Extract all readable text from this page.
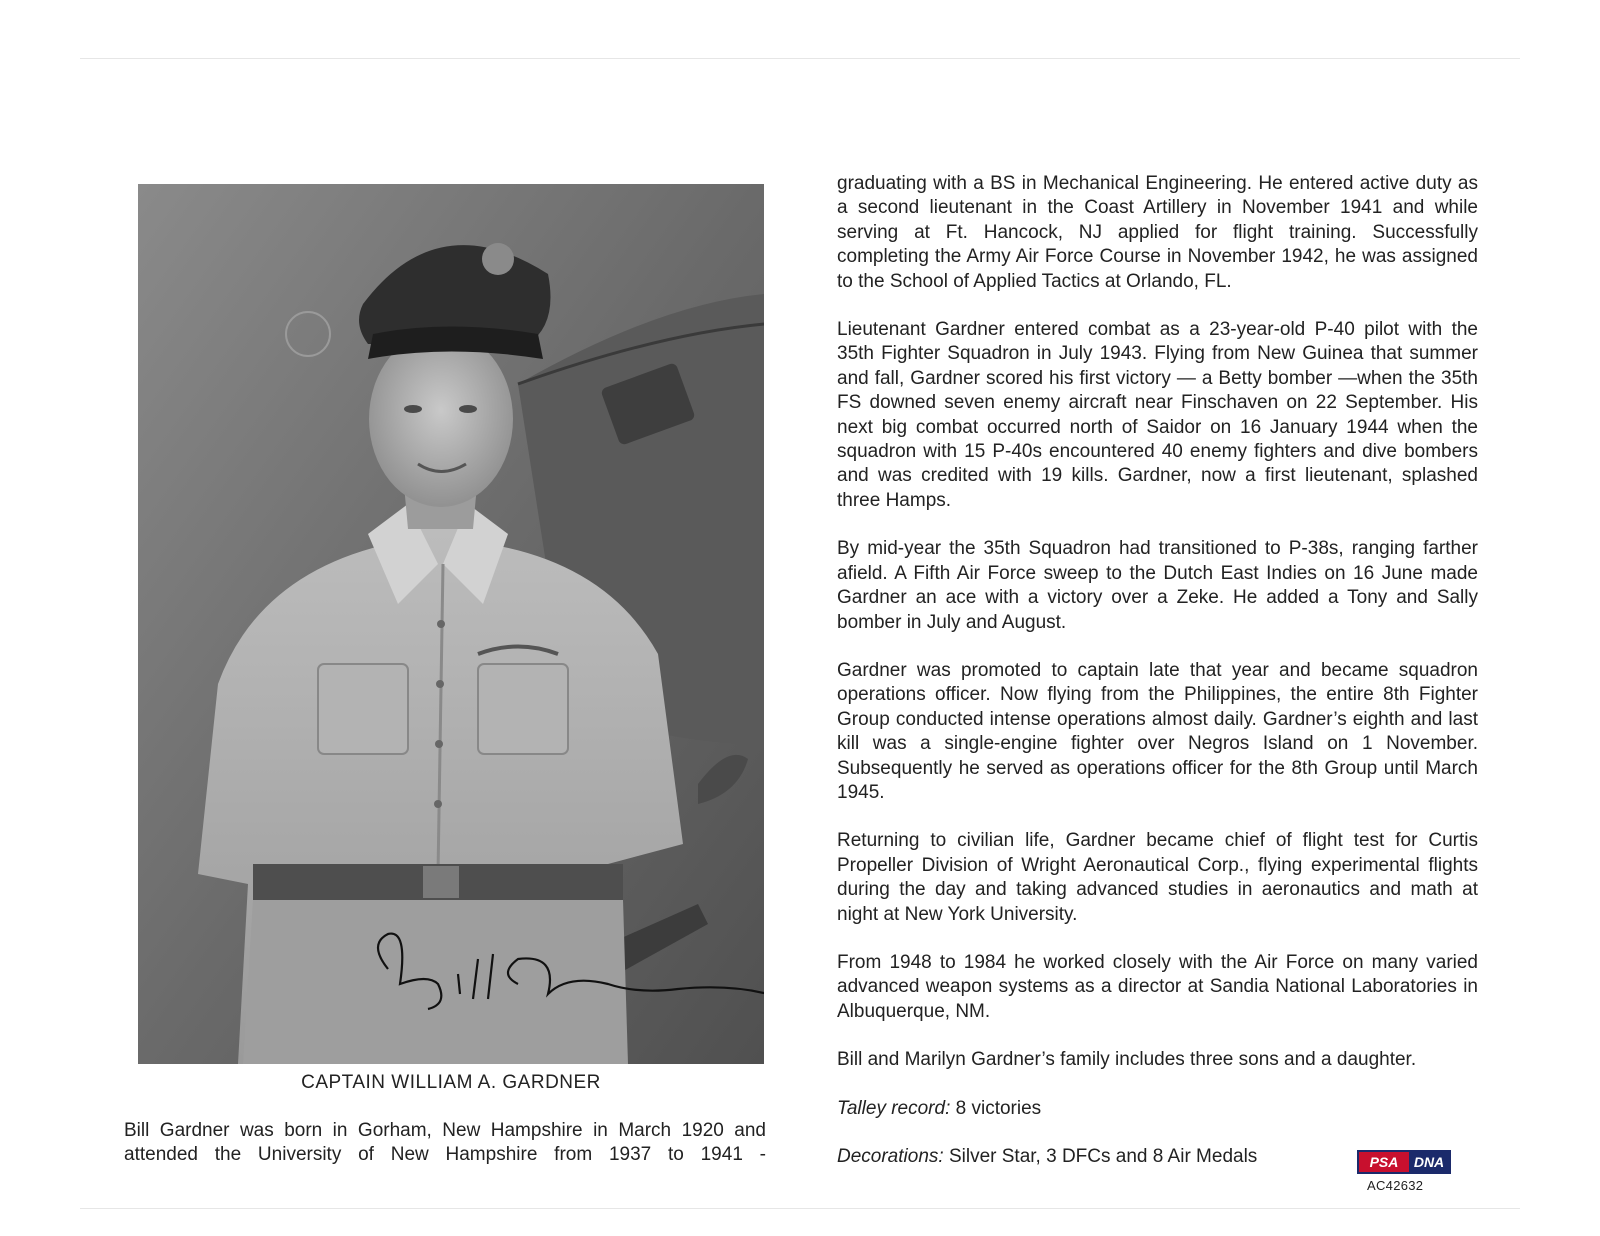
CAPTAIN WILLIAM A. GARDNER
Bill Gardner was born in Gorham, New Hampshire in March 1920 and attended the University of New Hampshire from 1937 to 1941 -

graduating with a BS in Mechanical Engineering. He entered active duty as a second lieutenant in the Coast Artillery in November 1941 and while serving at Ft. Hancock, NJ applied for flight training. Successfully completing the Army Air Force Course in November 1942, he was assigned to the School of Applied Tactics at Orlando, FL.

Lieutenant Gardner entered combat as a 23-year-old P-40 pilot with the 35th Fighter Squadron in July 1943. Flying from New Guinea that summer and fall, Gardner scored his first victory — a Betty bomber —when the 35th FS downed seven enemy aircraft near Finschaven on 22 September. His next big combat occurred north of Saidor on 16 January 1944 when the squadron with 15 P-40s encountered 40 enemy fighters and dive bombers and was credited with 19 kills. Gardner, now a first lieutenant, splashed three Hamps.

By mid-year the 35th Squadron had transitioned to P-38s, ranging farther afield. A Fifth Air Force sweep to the Dutch East Indies on 16 June made Gardner an ace with a victory over a Zeke. He added a Tony and Sally bomber in July and August.

Gardner was promoted to captain late that year and became squadron operations officer. Now flying from the Philippines, the entire 8th Fighter Group conducted intense operations almost daily. Gardner’s eighth and last kill was a single-engine fighter over Negros Island on 1 November. Subsequently he served as operations officer for the 8th Group until March 1945.

Returning to civilian life, Gardner became chief of flight test for Curtis Propeller Division of Wright Aeronautical Corp., flying experimental flights during the day and taking advanced studies in aeronautics and math at night at New York University.

From 1948 to 1984 he worked closely with the Air Force on many varied advanced weapon systems as a director at Sandia National Laboratories in Albuquerque, NM.

Bill and Marilyn Gardner’s family includes three sons and a daughter.

Talley record: 8 victories
Decorations: Silver Star, 3 DFCs and 8 Air Medals	PSA	DNA
AC42632
